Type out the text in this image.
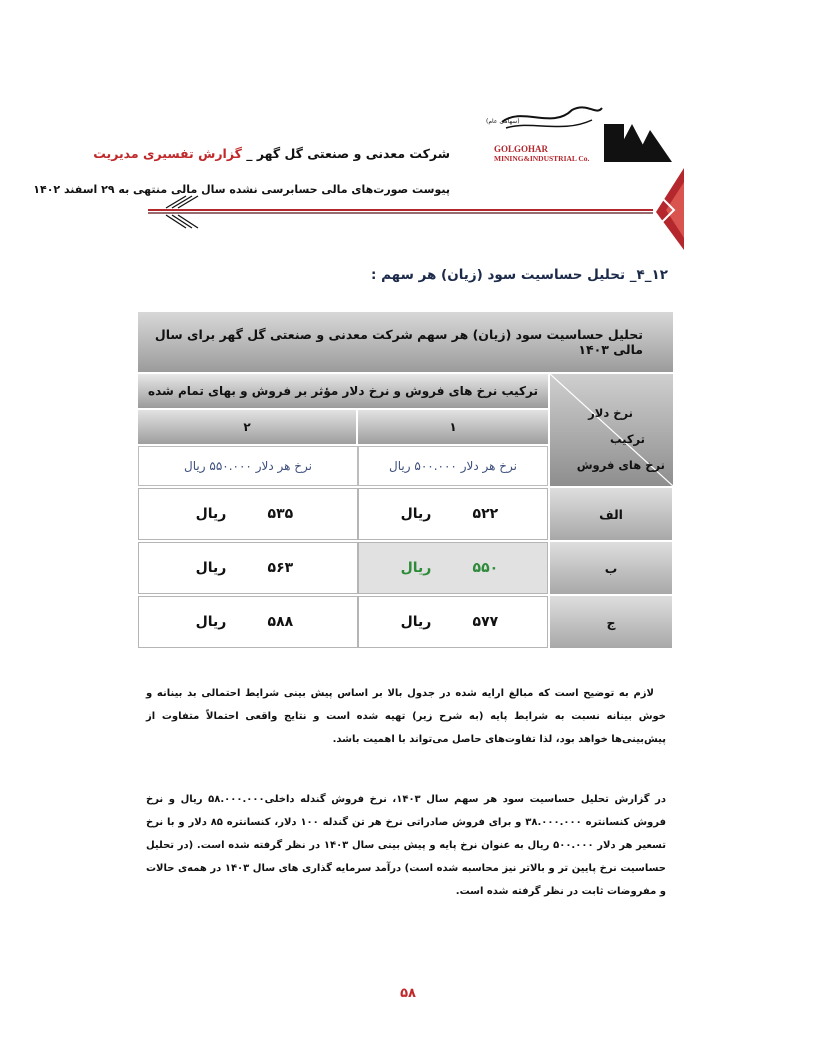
GOLGOHAR
MINING&INDUSTRIAL Co.
(سهامی عام)
شرکت معدنی و صنعتی گل گهر _ گزارش تفسیری مدیریت
پیوست صورت‌های مالی حسابرسی نشده سال مالی منتهی به ۲۹ اسفند ۱۴۰۲
۱۲_۴_ تحلیل حساسیت سود (زیان) هر سهم :
تحلیل حساسیت سود (زیان) هر سهم شرکت معدنی و صنعتی گل گهر برای سال مالی ۱۴۰۳
ترکیب نرخ های فروش و نرخ دلار مؤثر بر فروش و بهای تمام شده
نرخ دلار
ترکیب
نرخ های فروش
۱
۲
نرخ هر دلار ۵۰۰.۰۰۰ ریال
نرخ هر دلار ۵۵۰.۰۰۰ ریال
الف
۵۲۲
ریال
۵۳۵
ریال
ب
۵۵۰
ریال
۵۶۳
ریال
ج
۵۷۷
ریال
۵۸۸
ریال
لازم به توضیح است که مبالغ ارایه شده در جدول بالا بر اساس پیش بینی شرایط احتمالی بد بینانه و خوش بینانه نسبت به شرایط پایه (به شرح زیر) تهیه شده است و نتایج واقعی احتمالاً متفاوت از پیش‌بینی‌ها خواهد بود، لذا تفاوت‌های حاصل می‌تواند با اهمیت باشد.
در گزارش تحلیل حساسیت سود هر سهم سال ۱۴۰۳، نرخ فروش گندله داخلی۵۸.۰۰۰.۰۰۰ ریال و نرخ فروش کنسانتره ۳۸.۰۰۰.۰۰۰ و برای فروش صادراتی نرخ هر تن گندله ۱۰۰ دلار، کنسانتره ۸۵ دلار و با نرخ تسعیر هر دلار ۵۰۰.۰۰۰ ریال به عنوان نرخ پایه و پیش بینی سال ۱۴۰۳ در نظر گرفته شده است. (در تحلیل حساسیت نرخ پایین تر و بالاتر نیز محاسبه شده است) درآمد سرمایه گذاری های سال ۱۴۰۳ در همه‌ی حالات و مفروضات ثابت در نظر گرفته شده است.
۵۸
